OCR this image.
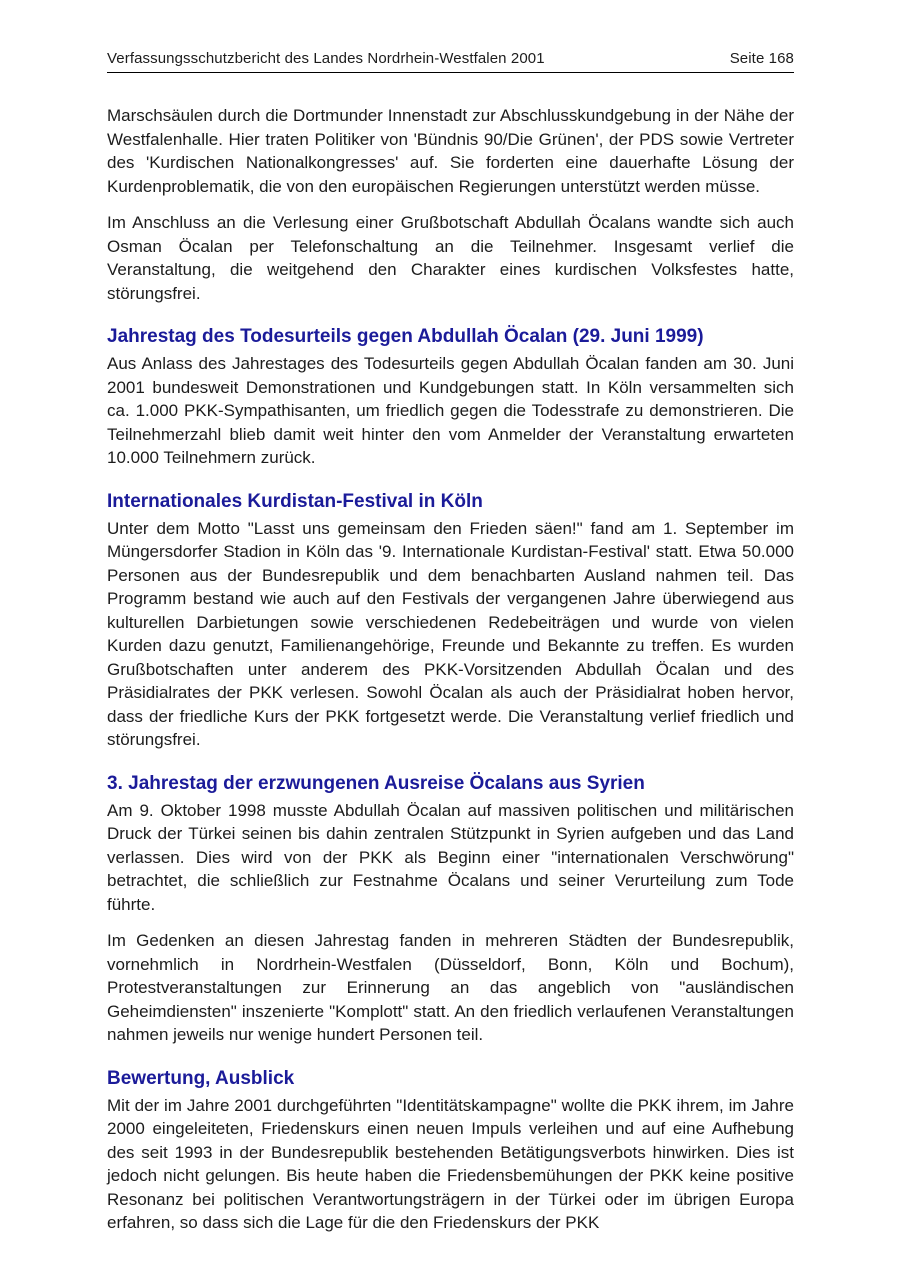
Verfassungsschutzbericht des Landes Nordrhein-Westfalen 2001	Seite 168

Marschsäulen durch die Dortmunder Innenstadt zur Abschlusskundgebung in der Nähe der Westfalenhalle. Hier traten Politiker von 'Bündnis 90/Die Grünen', der PDS sowie Vertreter des 'Kurdischen Nationalkongresses' auf. Sie forderten eine dauerhafte Lösung der Kurdenproblematik, die von den europäischen Regierungen unterstützt werden müsse.

Im Anschluss an die Verlesung einer Grußbotschaft Abdullah Öcalans wandte sich auch Osman Öcalan per Telefonschaltung an die Teilnehmer. Insgesamt verlief die Veranstaltung, die weitgehend den Charakter eines kurdischen Volksfestes hatte, störungsfrei.

Jahrestag des Todesurteils gegen Abdullah Öcalan (29. Juni 1999)

Aus Anlass des Jahrestages des Todesurteils gegen Abdullah Öcalan fanden am 30. Juni 2001 bundesweit Demonstrationen und Kundgebungen statt. In Köln versammelten sich ca. 1.000 PKK-Sympathisanten, um friedlich gegen die Todesstrafe zu demonstrieren. Die Teilnehmerzahl blieb damit weit hinter den vom Anmelder der Veranstaltung erwarteten 10.000 Teilnehmern zurück.

Internationales Kurdistan-Festival in Köln

Unter dem Motto "Lasst uns gemeinsam den Frieden säen!" fand am 1. September im Müngersdorfer Stadion in Köln das '9. Internationale Kurdistan-Festival' statt. Etwa 50.000 Personen aus der Bundesrepublik und dem benachbarten Ausland nahmen teil. Das Programm bestand wie auch auf den Festivals der vergangenen Jahre überwiegend aus kulturellen Darbietungen sowie verschiedenen Redebeiträgen und wurde von vielen Kurden dazu genutzt, Familienangehörige, Freunde und Bekannte zu treffen. Es wurden Grußbotschaften unter anderem des PKK-Vorsitzenden Abdullah Öcalan und des Präsidialrates der PKK verlesen. Sowohl Öcalan als auch der Präsidialrat hoben hervor, dass der friedliche Kurs der PKK fortgesetzt werde. Die Veranstaltung verlief friedlich und störungsfrei.

3. Jahrestag der erzwungenen Ausreise Öcalans aus Syrien

Am 9. Oktober 1998 musste Abdullah Öcalan auf massiven politischen und militärischen Druck der Türkei seinen bis dahin zentralen Stützpunkt in Syrien aufgeben und das Land verlassen. Dies wird von der PKK als Beginn einer "internationalen Verschwörung" betrachtet, die schließlich zur Festnahme Öcalans und seiner Verurteilung zum Tode führte.

Im Gedenken an diesen Jahrestag fanden in mehreren Städten der Bundesrepublik, vornehmlich in Nordrhein-Westfalen (Düsseldorf, Bonn, Köln und Bochum), Protestveranstaltungen zur Erinnerung an das angeblich von "ausländischen Geheimdiensten" inszenierte "Komplott" statt. An den friedlich verlaufenen Veranstaltungen nahmen jeweils nur wenige hundert Personen teil.

Bewertung, Ausblick

Mit der im Jahre 2001 durchgeführten "Identitätskampagne" wollte die PKK ihrem, im Jahre 2000 eingeleiteten, Friedenskurs einen neuen Impuls verleihen und auf eine Aufhebung des seit 1993 in der Bundesrepublik bestehenden Betätigungsverbots hinwirken. Dies ist jedoch nicht gelungen. Bis heute haben die Friedensbemühungen der PKK keine positive Resonanz bei politischen Verantwortungsträgern in der Türkei oder im übrigen Europa erfahren, so dass sich die Lage für die den Friedenskurs der PKK
